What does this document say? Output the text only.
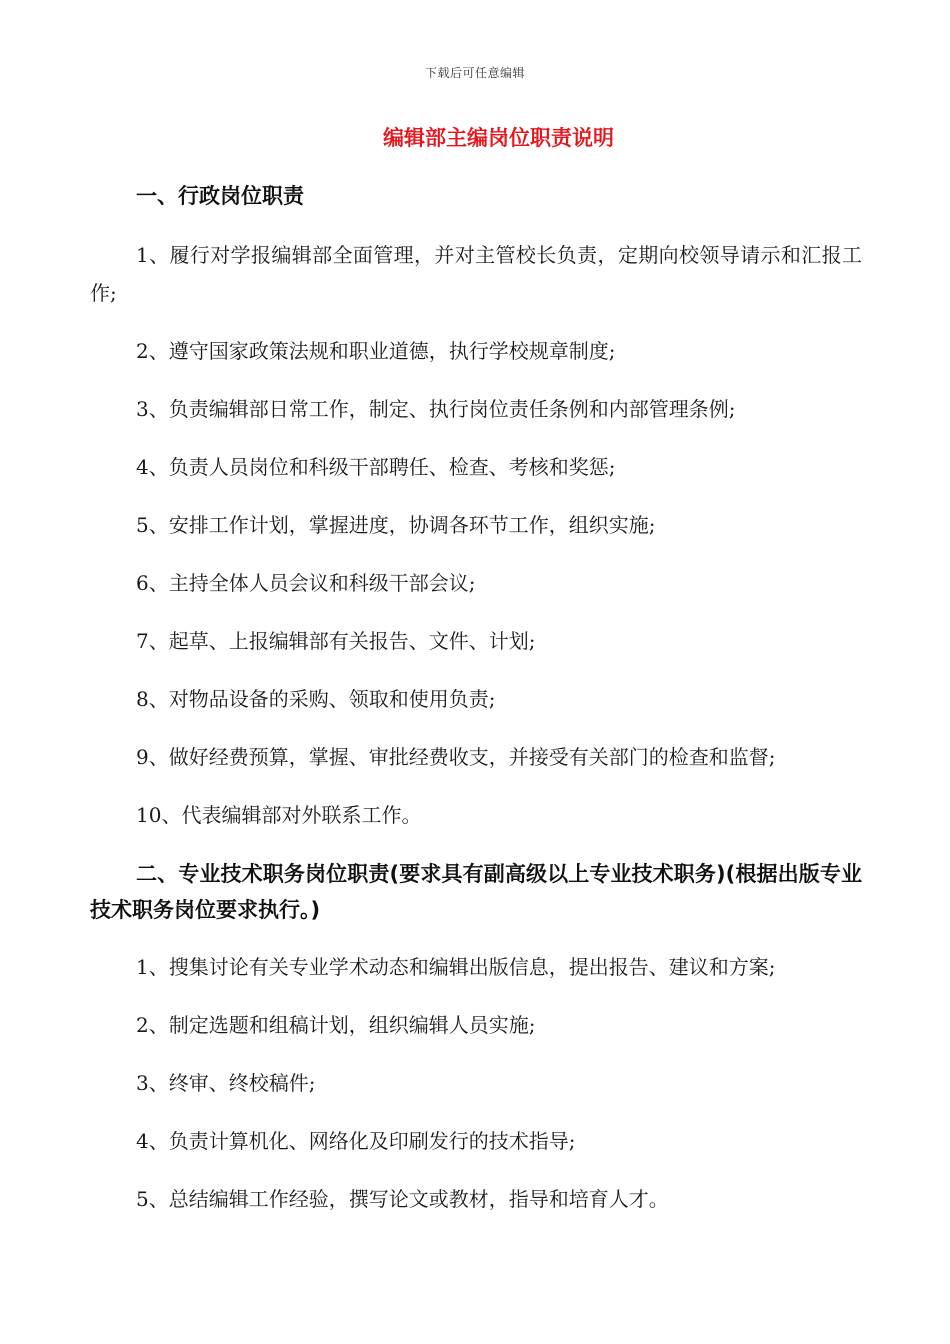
下载后可任意编辑
编辑部主编岗位职责说明

一、行政岗位职责

1、履行对学报编辑部全面管理，并对主管校长负责，定期向校领导请示和汇报工作;

2、遵守国家政策法规和职业道德，执行学校规章制度;

3、负责编辑部日常工作，制定、执行岗位责任条例和内部管理条例;

4、负责人员岗位和科级干部聘任、检查、考核和奖惩;

5、安排工作计划，掌握进度，协调各环节工作，组织实施;

6、主持全体人员会议和科级干部会议;

7、起草、上报编辑部有关报告、文件、计划;

8、对物品设备的采购、领取和使用负责;

9、做好经费预算，掌握、审批经费收支，并接受有关部门的检查和监督;

10、代表编辑部对外联系工作。

二、专业技术职务岗位职责(要求具有副高级以上专业技术职务)(根据出版专业技术职务岗位要求执行。)

1、搜集讨论有关专业学术动态和编辑出版信息，提出报告、建议和方案;

2、制定选题和组稿计划，组织编辑人员实施;

3、终审、终校稿件;

4、负责计算机化、网络化及印刷发行的技术指导;

5、总结编辑工作经验，撰写论文或教材，指导和培育人才。
